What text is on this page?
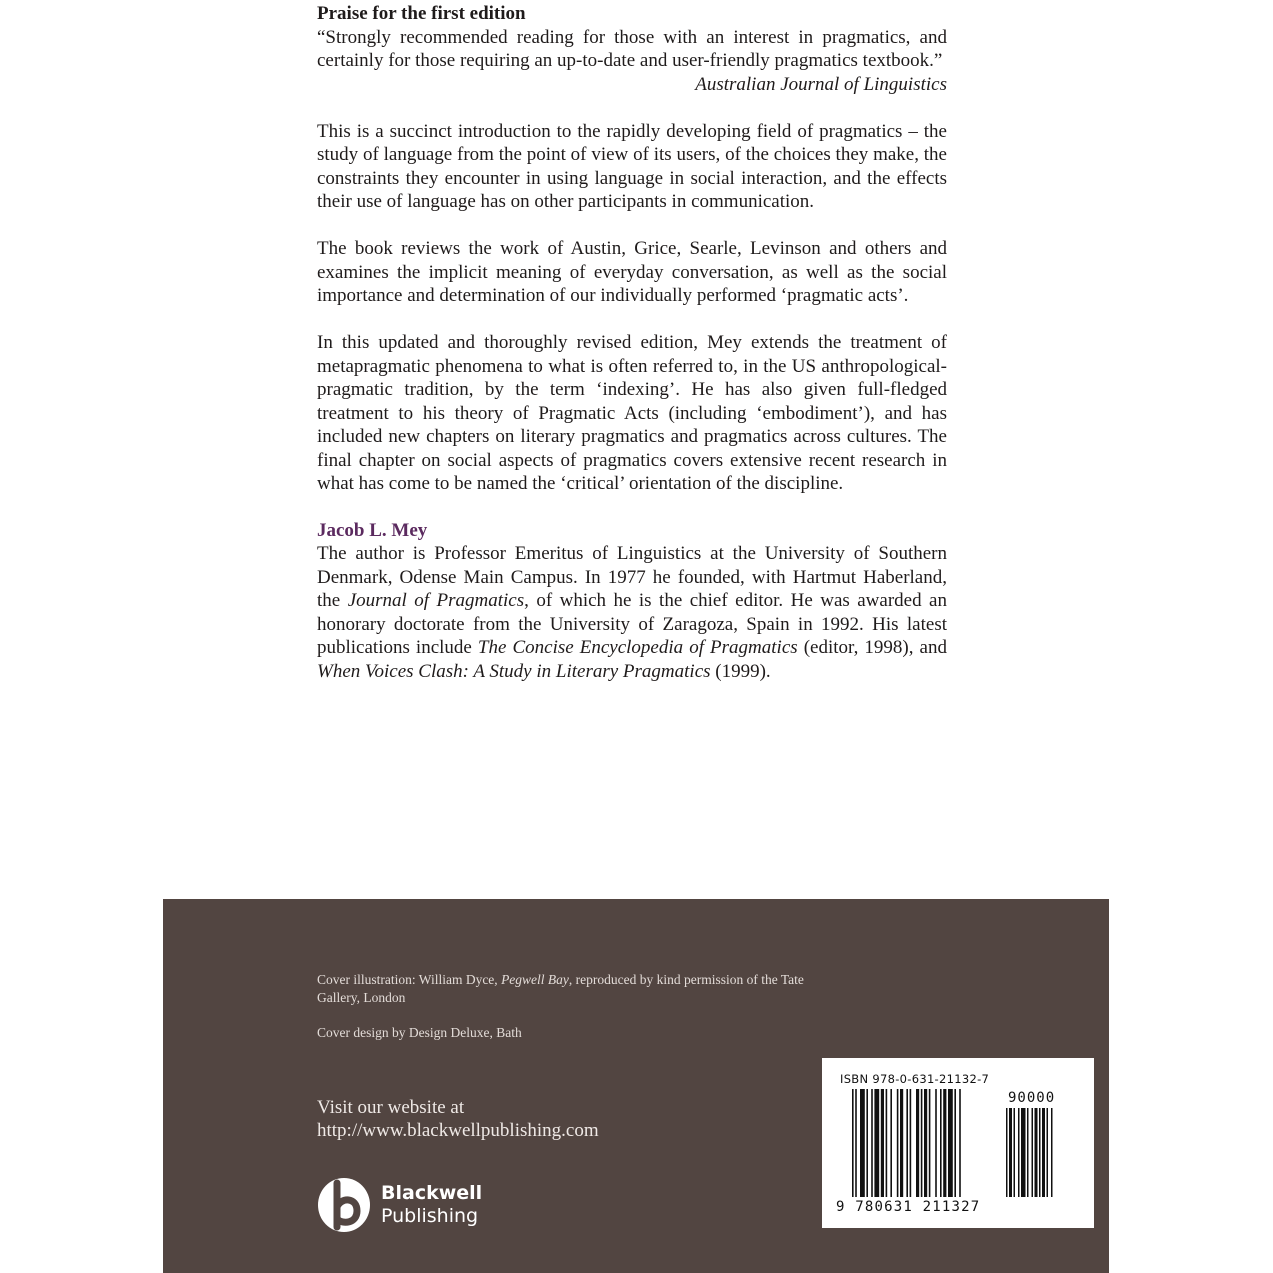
Praise for the first edition

“Strongly recommended reading for those with an interest in pragmatics, and certainly for those requiring an up-to-date and user-friendly pragmatics textbook.”

Australian Journal of Linguistics

This is a succinct introduction to the rapidly developing field of pragmatics – the study of language from the point of view of its users, of the choices they make, the constraints they encounter in using language in social interaction, and the effects their use of language has on other participants in communication.

The book reviews the work of Austin, Grice, Searle, Levinson and others and examines the implicit meaning of everyday conversation, as well as the social importance and determination of our individually performed ‘pragmatic acts’.

In this updated and thoroughly revised edition, Mey extends the treatment of metapragmatic phenomena to what is often referred to, in the US anthropological-pragmatic tradition, by the term ‘indexing’. He has also given full-fledged treatment to his theory of Pragmatic Acts (including ‘embodiment’), and has included new chapters on literary pragmatics and pragmatics across cultures. The final chapter on social aspects of pragmatics covers extensive recent research in what has come to be named the ‘critical’ orientation of the discipline.

Jacob L. Mey

The author is Professor Emeritus of Linguistics at the University of Southern Denmark, Odense Main Campus. In 1977 he founded, with Hartmut Haberland, the Journal of Pragmatics, of which he is the chief editor. He was awarded an honorary doctorate from the University of Zaragoza, Spain in 1992. His latest publications include The Concise Encyclopedia of Pragmatics (editor, 1998), and When Voices Clash: A Study in Literary Pragmatics (1999).

Cover illustration: William Dyce, Pegwell Bay, reproduced by kind permission of the Tate Gallery, London

Cover design by Design Deluxe, Bath

Visit our website at
http://www.blackwellpublishing.com
Blackwell
Publishing
ISBN 978-0-631-21132-7
90000
9 780631 211327
